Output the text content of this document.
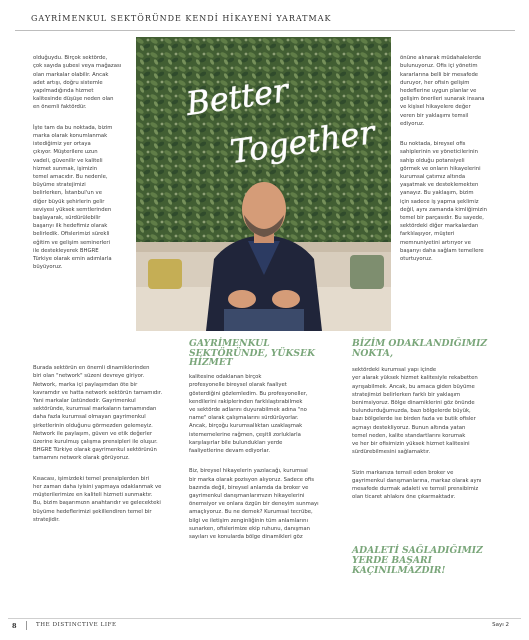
GAYRİMENKUL SEKTÖRÜNDE KENDİ HİKAYENİ YARATMAK

olduğuydu. Birçok sektörde,
çok sayıda şubesi veya mağazası
olan markalar olabilir. Ancak
adet artışı, doğru sistemle
yapılmadığında hizmet
kalitesinde düşüşe neden olan
en önemli faktördür.

İşte tam da bu noktada, bizim
marka olarak konumlanmak
istediğimiz yer ortaya
çıkıyor. Müşterilere uzun
vadeli, güvenilir ve kaliteli
hizmet sunmak, işimizin
temel amacıdır. Bu nedenle,
büyüme stratejimizi
belirlerken, İstanbul'un ve
diğer büyük şehirlerin gelir
seviyesi yüksek semtlerinden
başlayarak, sürdürülebilir
başarıyı ilk hedefimiz olarak
belirledik. Ofislerimizi sürekli
eğitim ve gelişim seminerleri
ile destekleyerek BHGRE
Türkiye olarak emin adımlarla
büyüyoruz.

Better
Together

önüne alınarak müdahalelerde
bulunuyoruz. Ofis içi yönetim
kararlarına belli bir mesafede
duruyor, her ofisin gelişim
hedeflerine uygun planlar ve
gelişim önerileri sunarak insana
ve kişisel hikayelere değer
veren bir yaklaşımı temsil
ediyoruz.

Bu noktada, bireysel ofis
sahiplerinin ve yöneticilerinin
sahip olduğu potansiyeli
görmek ve onların hikayelerini
kurumsal çatımız altında
yaşatmak ve desteklemekten
yanayız. Bu yaklaşım, bizim
için sadece iş yapma şeklimiz
değil, aynı zamanda kimliğimizin
temel bir parçasıdır. Bu sayede,
sektördeki diğer markalardan
farklılaşıyor, müşteri
memnuniyetini artırıyor ve
başarıyı daha sağlam temellere
oturtuyoruz.

Burada sektörün en önemli dinamiklerinden
biri olan "network" süzeni devreye giriyor.
Network, marka içi paylaşımdan öte bir
kavramdır ve hatta network sektörün tamamıdır.
Yani markalar üstündedir. Gayrimenkul
sektöründe, kurumsal markaların tamamından
daha fazla kurumsal olmayan gayrimenkul
şirketlerinin olduğunu görmezden gelemeyiz.
Network ile paylaşım, güven ve etik değerler
üzerine kurulmuş çalışma prensipleri ile oluşur.
BHGRE Türkiye olarak gayrimenkul sektörünün
tamamını network olarak görüyoruz.

Kısacası, işimizdeki temel prensiplerden biri
her zaman daha iyisini yapmaya odaklanmak ve
müşterilerimize en kaliteli hizmeti sunmaktır.
Bu, bizim başarımızın anahtarıdır ve gelecekteki
büyüme hedeflerimizi şekillendiren temel bir
stratejidir.

GAYRİMENKUL
SEKTÖRÜNDE, YÜKSEK
HİZMET

kalitesine odaklanan birçok
profesyonelle bireysel olarak faaliyet
gösterdiğini gözlemledim. Bu profesyoneller,
kendilerini rakiplerinden farklılaştırabilmek
ve sektörde adlarını duyurabilmek adına "no
name" olarak çalışmalarını sürdürüyorlar.
Ancak, birçoğu kurumsallıktan uzaklaşmak
istememelerine rağmen, çeşitli zorluklarla
karşılaşırlar bile bulundukları yerde
faaliyetlerine devam ediyorlar.

Biz, bireysel hikayelerin yazılacağı, kurumsal
bir marka olarak pozisyon alıyoruz. Sadece ofis
bazında değil, bireysel anlamda da broker ve
gayrimenkul danışmanlarımızın hikayelerini
önemsiyor ve onlara özgün bir deneyim sunmayı
amaçlıyoruz. Bu ne demek? Kurumsal tecrübe,
bilgi ve iletişim zenginliğinin tüm anlamlarını
sunarken, ofislerimize ekip ruhunu, danışman
sayıları ve konularda bölge dinamikleri göz

BİZİM ODAKLANDIĞIMIZ
NOKTA,

sektördeki kurumsal yapı içinde
yer alarak yüksek hizmet kalitesiyle rekabetten
ayrışabilmek. Ancak, bu amaca giden büyüme
stratejimizi belirlerken farklı bir yaklaşım
benimsiyoruz. Bölge dinamiklerini göz önünde
bulundurduğumuzda, bazı bölgelerde büyük,
bazı bölgelerde ise birden fazla ve butik ofisler
açmayı destekliyoruz. Bunun altında yatan
temel neden, kalite standartlarını korumak
ve her bir ofisimizin yüksek hizmet kalitesini
sürdürebilmesini sağlamaktır.

Sizin markanıza temsil eden broker ve
gayrimenkul danışmanlarına, markaz olarak aynı
mesafede durmak adaleti ve temsil prensibimiz
olan ticaret ahlakını öne çıkarmaktadır.

ADALETİ SAĞLADIĞIMIZ
YERDE BAŞARI
KAÇINILMAZDIR!
8	THE DISTINCTIVE LIFE	Sayı 2
